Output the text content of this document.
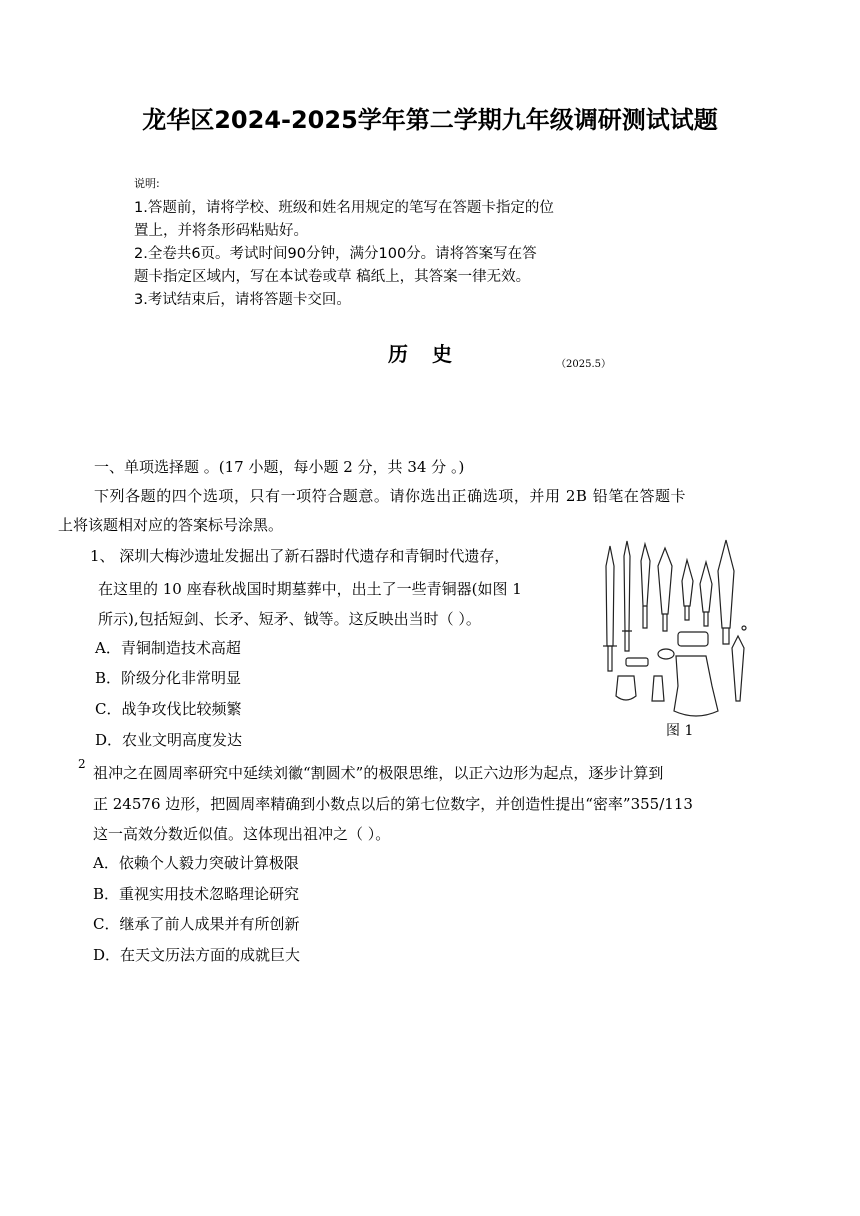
龙华区2024-2025学年第二学期九年级调研测试试题
说明:
1.答题前，请将学校、班级和姓名用规定的笔写在答题卡指定的位
置上，并将条形码粘贴好。
2.全卷共6页。考试时间90分钟，满分100分。请将答案写在答
题卡指定区域内，写在本试卷或草 稿纸上，其答案一律无效。
3.考试结束后，请将答题卡交回。
历史	（2025.5）
一、单项选择题 。(17 小题，每小题 2 分，共 34 分 。)
下列各题的四个选项，只有一项符合题意。请你选出正确选项，并用 2B 铅笔在答题卡
上将该题相对应的答案标号涂黑。
1、 深圳大梅沙遗址发掘出了新石器时代遗存和青铜时代遗存，
在这里的 10 座春秋战国时期墓葬中，出土了一些青铜器(如图 1
所示),包括短剑、长矛、短矛、钺等。这反映出当时（ ）。
A．青铜制造技术高超
B．阶级分化非常明显
C．战争攻伐比较频繁
D．农业文明高度发达	图 1
2 祖冲之在圆周率研究中延续刘徽“割圆术”的极限思维，以正六边形为起点，逐步计算到
正 24576 边形，把圆周率精确到小数点以后的第七位数字，并创造性提出“密率”355/113
这一高效分数近似值。这体现出祖冲之（ ）。
A．依赖个人毅力突破计算极限
B．重视实用技术忽略理论研究
C．继承了前人成果并有所创新
D．在天文历法方面的成就巨大
